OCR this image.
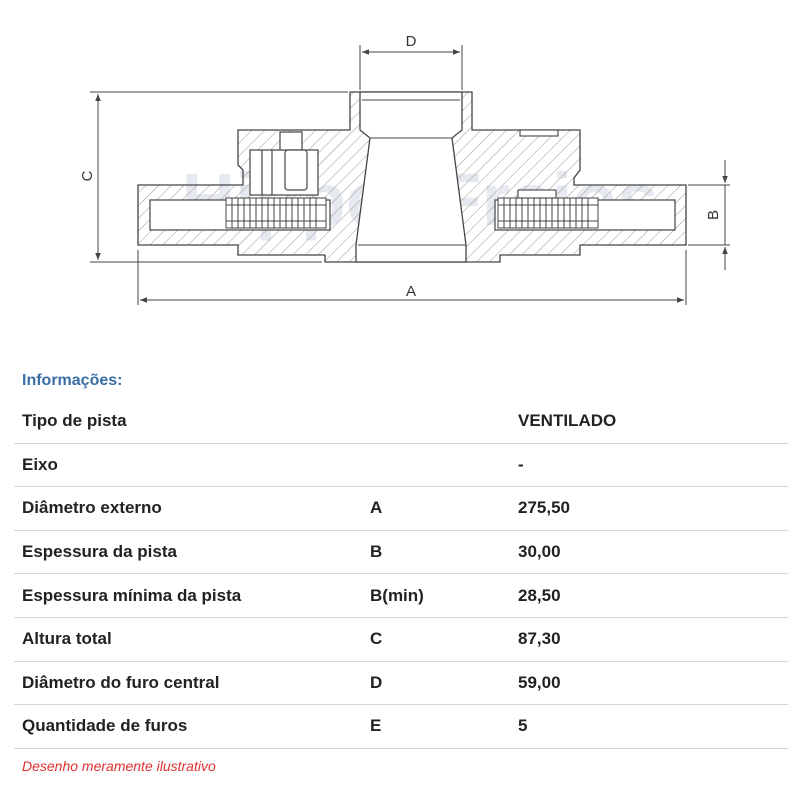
D
C
B
A
Informações:
Tipo de pista		VENTILADO
Eixo		-
Diâmetro externo	A	275,50
Espessura da pista	B	30,00
Espessura mínima da pista	B(min)	28,50
Altura total	C	87,30
Diâmetro do furo central	D	59,00
Quantidade de furos	E	5
Desenho meramente ilustrativo
